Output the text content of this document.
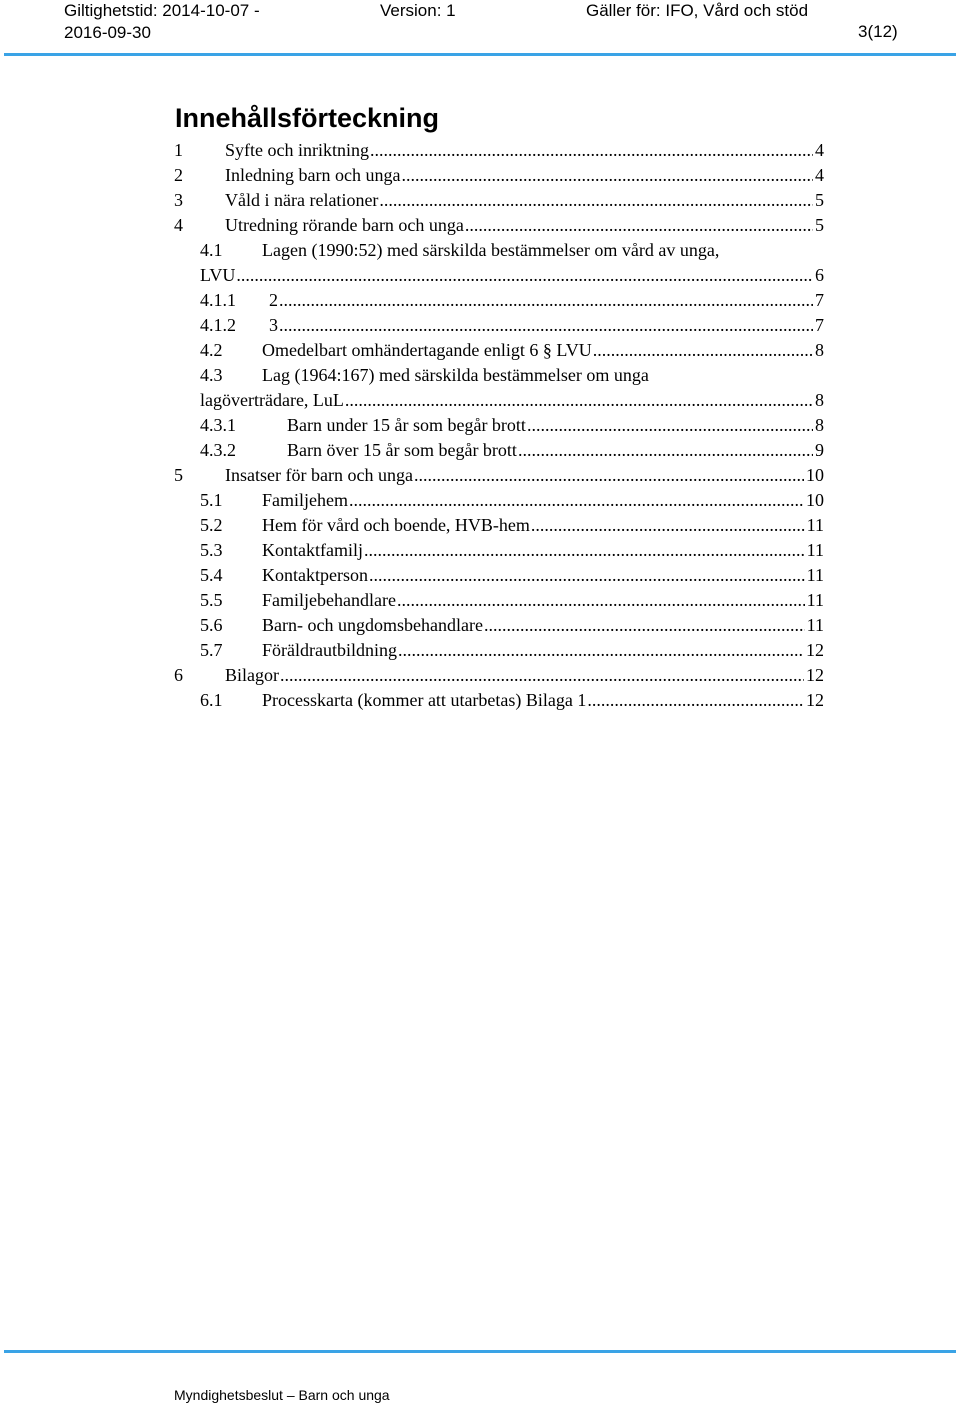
Giltighetstid: 2014-10-07 - 2016-09-30
Version: 1	Gäller för: IFO, Vård och stöd
3(12)
Innehållsförteckning
1	Syfte och inriktning .....	4
2	Inledning barn och unga .....	4
3	Våld i nära relationer .....	5
4	Utredning rörande barn och unga .....	5
4.1	Lagen (1990:52) med särskilda bestämmelser om vård av unga,
LVU .....	6
4.1.1	2 .....	7
4.1.2	3 .....	7
4.2	Omedelbart omhändertagande enligt 6 § LVU .....	8
4.3	Lag (1964:167) med särskilda bestämmelser om unga
lagöverträdare, LuL .....	8
4.3.1	Barn under 15 år som begår brott .....	8
4.3.2	Barn över 15 år som begår brott .....	9
5	Insatser för barn och unga .....	10
5.1	Familjehem .....	10
5.2	Hem för vård och boende, HVB-hem .....	11
5.3	Kontaktfamilj .....	11
5.4	Kontaktperson .....	11
5.5	Familjebehandlare .....	11
5.6	Barn- och ungdomsbehandlare .....	11
5.7	Föräldrautbildning .....	12
6	Bilagor .....	12
6.1	Processkarta (kommer att utarbetas) Bilaga 1 .....	12
Myndighetsbeslut – Barn och unga
